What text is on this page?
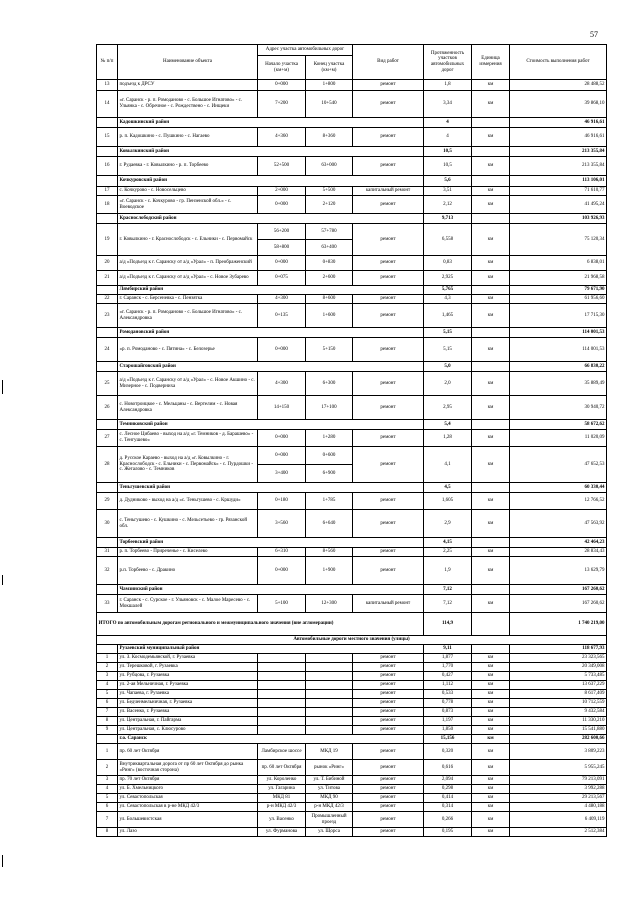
57
№ п/п	Наименование объекта	Адрес участка автомобильных дорог		Вид работ	Протяженность участков автомобильных дорог	Единица измерения	Стоимость выполнения работ
		Начало участка (км+м)	Конец участка (км+м)				
13	подъезд к ДРСУ	0+000	1+800	ремонт	1,8	км	28 488,52
14	«г. Саранск - р. п. Ромоданово - с. Большое Игнатово» - с. Ульянка - с. Обречное - с. Рождествено - с. Инщеки	7+200	10+540	ремонт	3,34	км	39 868,10
	Кадошкинский район				4		46 916,61
15	р. п. Кадошкино - с. Пушкино - с. Нагаево	4+360	8+360	ремонт	4	км	46 916,61
	Ковылкинский район				10,5		213 355,84
16	г. Рудаевка - г. Ковылкино - р. п. Торбеево	52+500	63+000	ремонт	10,5	км	213 355,84
	Кочкуровский район				5,6		113 106,01
17	с. Кочкурово - с. Новосельцево	2+000	5+500	капитальный ремонт	3,51	км	71 610,77
18	«г. Саранск - с. Кочкурово - гр. Пензенской обл.» - с. Воеводское	0+000	2+120	ремонт	2,12	км	41 495,24
	Краснослободский район				9,713		103 926,93
19	г. Ковылкино - г. Краснослободск - с. Ельники - с. Первомайск	56+200	57+780	ремонт	6,558	км	75 120,34
		58+800	63+400				
20	а/д «Подъезд к г. Саранску от а/д «Урал» - п. Преображенский	0+000	0+830	ремонт	0,83	км	6 838,01
21	а/д «Подъезд к г. Саранску от а/д «Урал» - с. Новое Зубарево	0+075	2+600	ремонт	2,925	км	21 968,58
	Лямбирский район				5,765		79 671,90
22	г. Саранск - с. Берсеневка - с. Пензятка	4+300	8+600	ремонт	4,3	км	61 956,60
23	«г. Саранск - р. п. Ромоданово - с. Большое Игнатово» - с. Александровка	0+135	1+600	ремонт	1,465	км	17 715,30
	Ромодановский район				5,15		114 001,53
24	«р. п. Ромоданово - с. Пятина» - с. Белозерье	0+000	5+150	ремонт	5,15	км	114 001,53
	Старошайговский район				5,0		66 830,22
25	а/д «Подъезд к г. Саранску от а/д «Урал» - с. Новое Акшино - с. Мизерное - с. Подверниха	4+300	6+300	ремонт	2,0	км	35 889,49
26	с. Новотроицкое - с. Мельцаны - с. Вертелим - с. Новая Александровка	14+150	17+100	ремонт	2,95	км	30 940,72
	Темниковский район				5,4		58 672,62
27	с. Лесное Цибаево - выход на а/д «г. Темников - д. Барашево» - с. Тенгушево»	0+000	1+280	ремонт	1,28	км	11 020,09
28	д. Русское Караево - выход на а/д «г. Ковылкино - г. Краснослободск - с. Ельники - с. Первомайск» - с. Пурдошки - с. Жегалово - с. Темников	0+000	0+600	ремонт	4,1	км	47 652,53
		3+400	6+900				
	Теньгушевский район				4,5		60 330,44
29	д. Дудниково - выход на а/д «с. Теньгушево - с. Кршуди»	0+180	1+785	ремонт	1,605	км	12 766,52
30	с. Теньгушево - с. Кушкино - с. Мельсетьево - гр. Рязанской обл.	3+560	6+640	ремонт	2,9	км	47 563,92
	Торбеевский район				4,15		42 464,23
31	р. п. Торбеево - Приреченье - с. Киселево	6+310	8+560	ремонт	2,25	км	28 834,43
32	р.п. Торбеево - с. Дракино	0+000	1+900	ремонт	1,9	км	13 629,79
	Чамзинский район				7,12		167 260,62
33	г. Саранск - с. Сурское - г. Ульяновск - с. Малое Маресево - с. Мокшалей	5+100	12+300	капитальный ремонт	7,12	км	167 260,62
ИТОГО по автомобильным дорогам регионального и межмуниципального значения (вне агломерации)					114,9		1 740 219,00
Автомобильные дороги местного значения (улицы)							
	Рузаевский муниципальный район				9,11		118 677,93
1	ул. З. Космодемьянской, г. Рузаевка			ремонт	1,877	км	23 323,565
2	ул. Терешковой, г. Рузаевка			ремонт	1,770	км	20 349,008
3	ул. Рубцова, г. Рузаевка			ремонт	0,427	км	5 733,485
4	ул. 2-ая Мельничная, г. Рузаевка			ремонт	1,112	км	13 637,229
5	ул. Чапаева, г. Рузаевка			ремонт	0,533	км	8 617,409
6	ул. Бедченмельничная, г. Рузаевка			ремонт	0,778	км	10 712,559
7	ул. Васенко, г. Рузаевка			ремонт	0,873	км	9 432,584
8	ул. Центральная, г. Пайгарма			ремонт	1,197	км	11 330,210
9	ул. Центральная, с. Клюсурово			ремонт	1,850	км	15 541,880
	г.о. Саранск				15,156	км	282 600,66
1	пр. 60 лет Октября	Ламбирское шоссе	МКД 19	ремонт	0,320	км	3 809,223
2	Внутриквартальная дорога от пр 60 лет Октября до рынка «Ринг» (восточная сторона)	пр. 60 лет Октября	рынок «Ринг»	ремонт	0,616	км	5 955,245
3	пр. 70 лет Октября	ул. Короленко	ул. Т. Бибиной	ремонт	2,094	км	79 213,091
4	ул. Б. Хмельницкого	ул. Гагарина	ул. Титова	ремонт	0,298	км	3 992,288
5	ул. Севастопольская	МКД 81	МКД 90	ремонт	0,414	км	29 213,567
6	ул. Севастопольская в р-не МКД 42/3	р-н МКД 42/3	р-н МКД 42/3	ремонт	0,314	км	4 480,188
7	ул. Большевистская	ул. Васенко	Промышленный проезд	ремонт	0,266	км	6 409,119
8	ул. Лазо	ул. Фурманова	ул. Щорса	ремонт	0,195	км	2 512,384
